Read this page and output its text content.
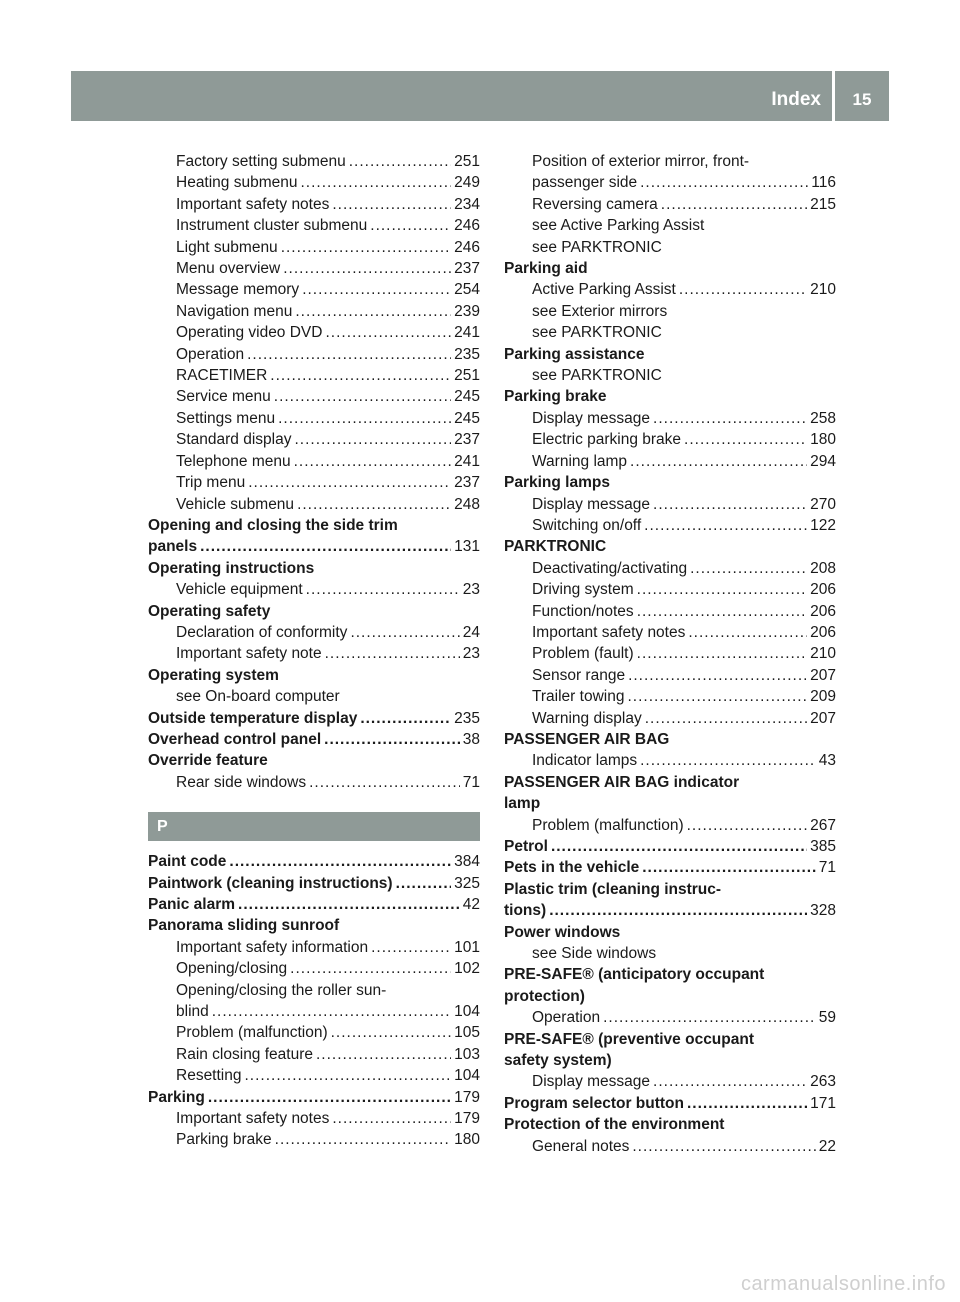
Index	15
Factory setting submenu .....	251
Heating submenu .....	249
Important safety notes .....	234
Instrument cluster submenu .....	246
Light submenu .....	246
Menu overview .....	237
Message memory .....	254
Navigation menu .....	239
Operating video DVD .....	241
Operation .....	235
RACETIMER .....	251
Service menu .....	245
Settings menu .....	245
Standard display .....	237
Telephone menu .....	241
Trip menu .....	237
Vehicle submenu .....	248
Opening and closing the side trim
panels .....	131
Operating instructions
Vehicle equipment .....	23
Operating safety
Declaration of conformity .....	24
Important safety note .....	23
Operating system
see On-board computer
Outside temperature display .....	235
Overhead control panel .....	38
Override feature
Rear side windows .....	71
P
Paint code .....	384
Paintwork (cleaning instructions) .....	325
Panic alarm .....	42
Panorama sliding sunroof
Important safety information .....	101
Opening/closing .....	102
Opening/closing the roller sun-
blind .....	104
Problem (malfunction) .....	105
Rain closing feature .....	103
Resetting .....	104
Parking .....	179
Important safety notes .....	179
Parking brake .....	180
Position of exterior mirror, front-
passenger side .....	116
Reversing camera .....	215
see Active Parking Assist
see PARKTRONIC
Parking aid
Active Parking Assist .....	210
see Exterior mirrors
see PARKTRONIC
Parking assistance
see PARKTRONIC
Parking brake
Display message .....	258
Electric parking brake .....	180
Warning lamp .....	294
Parking lamps
Display message .....	270
Switching on/off .....	122
PARKTRONIC
Deactivating/activating .....	208
Driving system .....	206
Function/notes .....	206
Important safety notes .....	206
Problem (fault) .....	210
Sensor range .....	207
Trailer towing .....	209
Warning display .....	207
PASSENGER AIR BAG
Indicator lamps .....	43
PASSENGER AIR BAG indicator
lamp
Problem (malfunction) .....	267
Petrol .....	385
Pets in the vehicle .....	71
Plastic trim (cleaning instruc-
tions) .....	328
Power windows
see Side windows
PRE-SAFE® (anticipatory occupant
protection)
Operation .....	59
PRE-SAFE® (preventive occupant
safety system)
Display message .....	263
Program selector button .....	171
Protection of the environment
General notes .....	22
carmanualsonline.info
